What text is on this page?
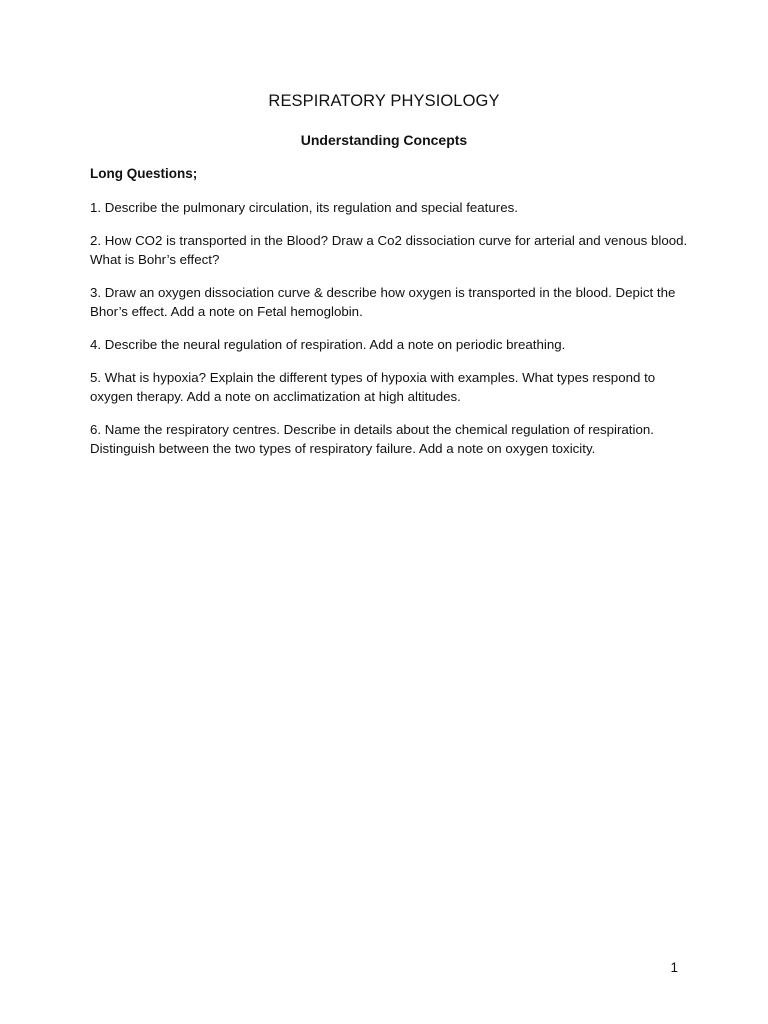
RESPIRATORY PHYSIOLOGY
Understanding Concepts
Long Questions;
1. Describe the pulmonary circulation, its regulation and special features.
2. How CO2 is transported in the Blood? Draw a Co2 dissociation curve for arterial and venous blood. What is Bohr’s effect?
3. Draw an oxygen dissociation curve & describe how oxygen is transported in the blood. Depict the Bhor’s effect. Add a note on Fetal hemoglobin.
4. Describe the neural regulation of respiration. Add a note on periodic breathing.
5. What is hypoxia? Explain the different types of hypoxia with examples. What types respond to oxygen therapy. Add a note on acclimatization at high altitudes.
6. Name the respiratory centres. Describe in details about the chemical regulation of respiration. Distinguish between the two types of respiratory failure. Add a note on oxygen toxicity.
1
